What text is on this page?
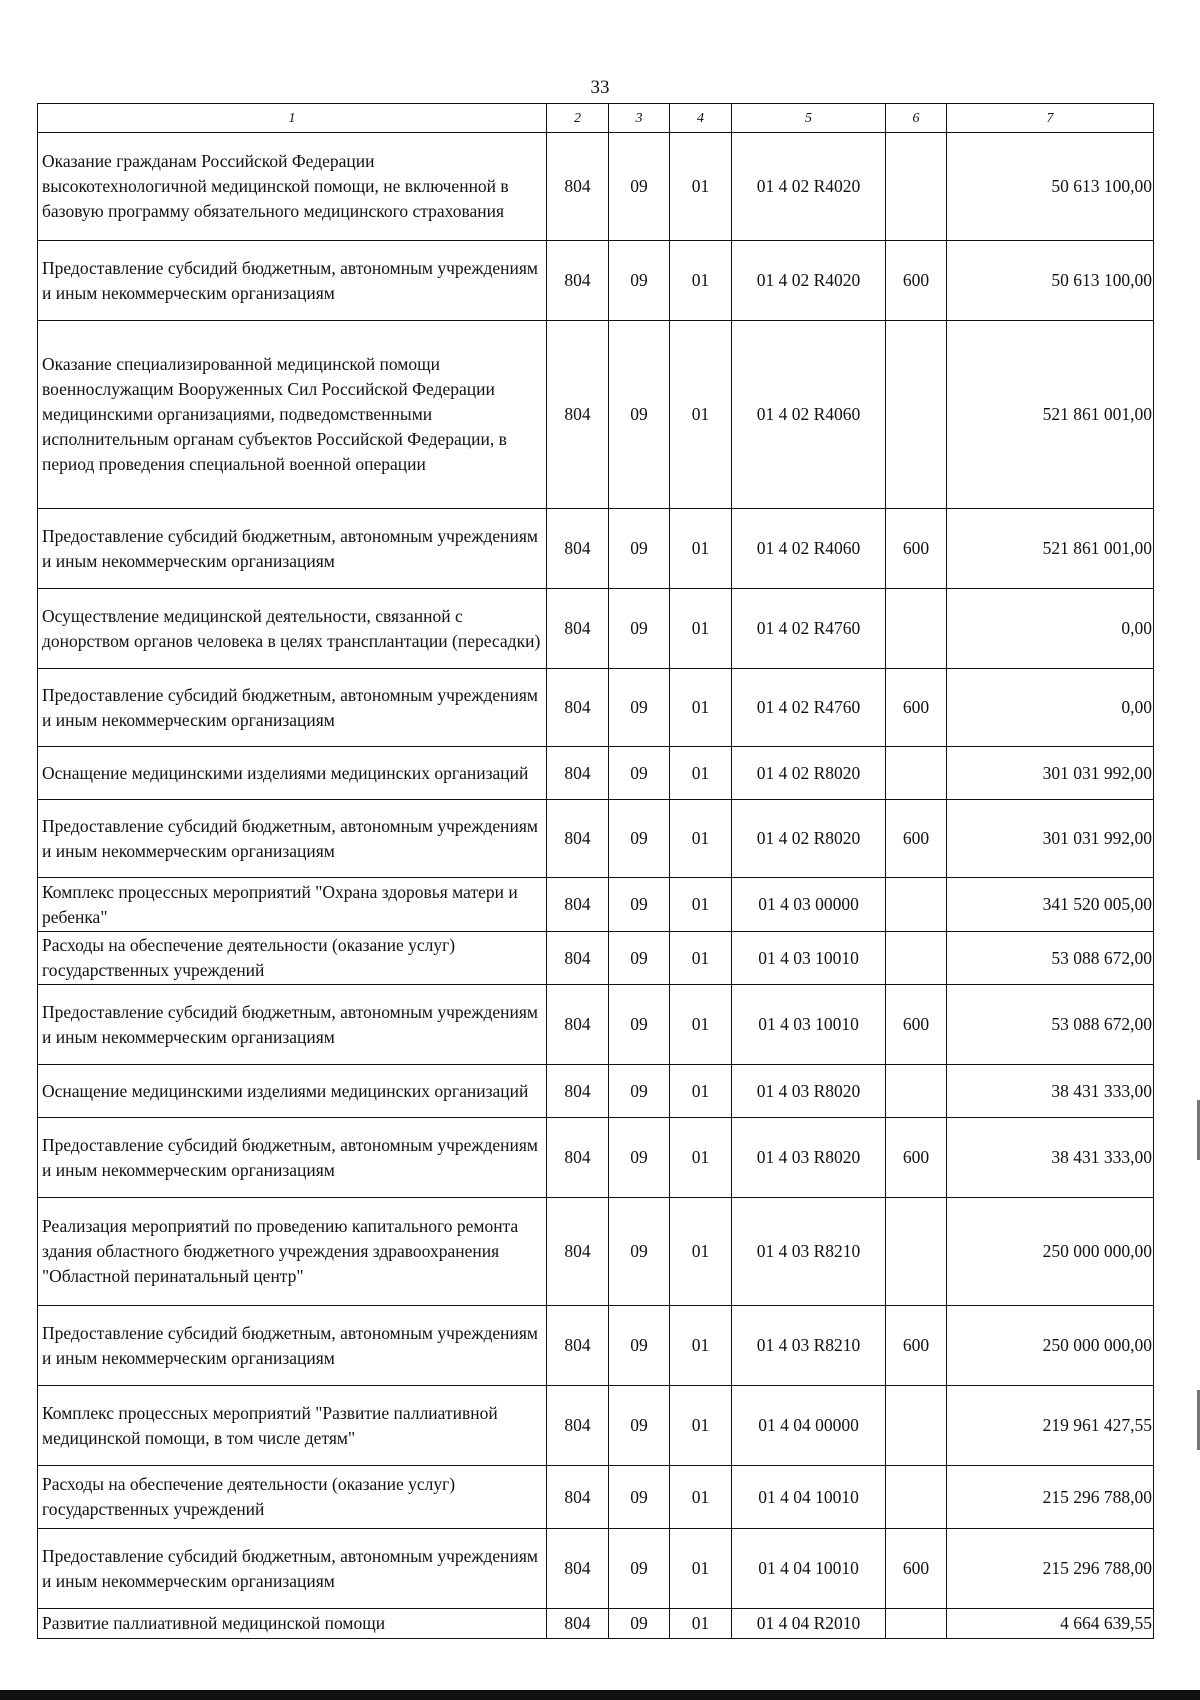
33
1	2	3	4	5	6	7
Оказание гражданам Российской Федерации высокотехнологичной медицинской помощи, не включенной в базовую программу обязательного медицинского страхования	804	09	01	01 4 02 R4020		50 613 100,00
Предоставление субсидий бюджетным, автономным учреждениям и иным некоммерческим организациям	804	09	01	01 4 02 R4020	600	50 613 100,00
Оказание специализированной медицинской помощи военнослужащим Вооруженных Сил Российской Федерации медицинскими организациями, подведомственными исполнительным органам субъектов Российской Федерации, в период проведения специальной военной операции	804	09	01	01 4 02 R4060		521 861 001,00
Предоставление субсидий бюджетным, автономным учреждениям и иным некоммерческим организациям	804	09	01	01 4 02 R4060	600	521 861 001,00
Осуществление медицинской деятельности, связанной с донорством органов человека в целях трансплантации (пересадки)	804	09	01	01 4 02 R4760		0,00
Предоставление субсидий бюджетным, автономным учреждениям и иным некоммерческим организациям	804	09	01	01 4 02 R4760	600	0,00
Оснащение медицинскими изделиями медицинских организаций	804	09	01	01 4 02 R8020		301 031 992,00
Предоставление субсидий бюджетным, автономным учреждениям и иным некоммерческим организациям	804	09	01	01 4 02 R8020	600	301 031 992,00
Комплекс процессных мероприятий "Охрана здоровья матери и ребенка"	804	09	01	01 4 03 00000		341 520 005,00
Расходы на обеспечение деятельности (оказание услуг) государственных учреждений	804	09	01	01 4 03 10010		53 088 672,00
Предоставление субсидий бюджетным, автономным учреждениям и иным некоммерческим организациям	804	09	01	01 4 03 10010	600	53 088 672,00
Оснащение медицинскими изделиями медицинских организаций	804	09	01	01 4 03 R8020		38 431 333,00
Предоставление субсидий бюджетным, автономным учреждениям и иным некоммерческим организациям	804	09	01	01 4 03 R8020	600	38 431 333,00
Реализация мероприятий по проведению капитального ремонта здания областного бюджетного учреждения здравоохранения "Областной перинатальный центр"	804	09	01	01 4 03 R8210		250 000 000,00
Предоставление субсидий бюджетным, автономным учреждениям и иным некоммерческим организациям	804	09	01	01 4 03 R8210	600	250 000 000,00
Комплекс процессных мероприятий "Развитие паллиативной медицинской помощи, в том числе детям"	804	09	01	01 4 04 00000		219 961 427,55
Расходы на обеспечение деятельности (оказание услуг) государственных учреждений	804	09	01	01 4 04 10010		215 296 788,00
Предоставление субсидий бюджетным, автономным учреждениям и иным некоммерческим организациям	804	09	01	01 4 04 10010	600	215 296 788,00
Развитие паллиативной медицинской помощи	804	09	01	01 4 04 R2010		4 664 639,55
